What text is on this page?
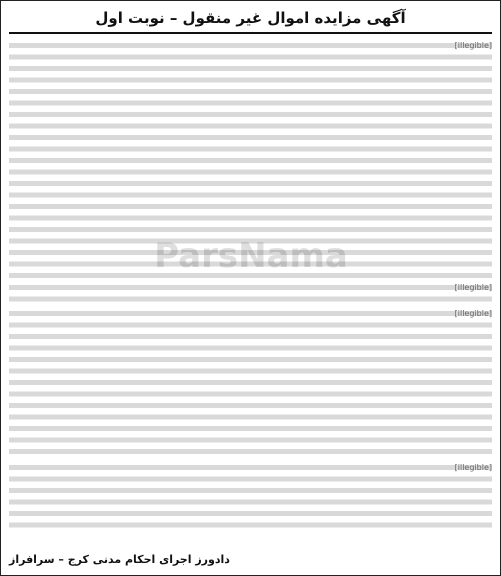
آگهی مزایده اموال غیر منقول – نوبت اول
[illegible]
[illegible]
[illegible]
[illegible]
ParsNama
دادورز اجرای احکام مدنی کرج – سرافراز
